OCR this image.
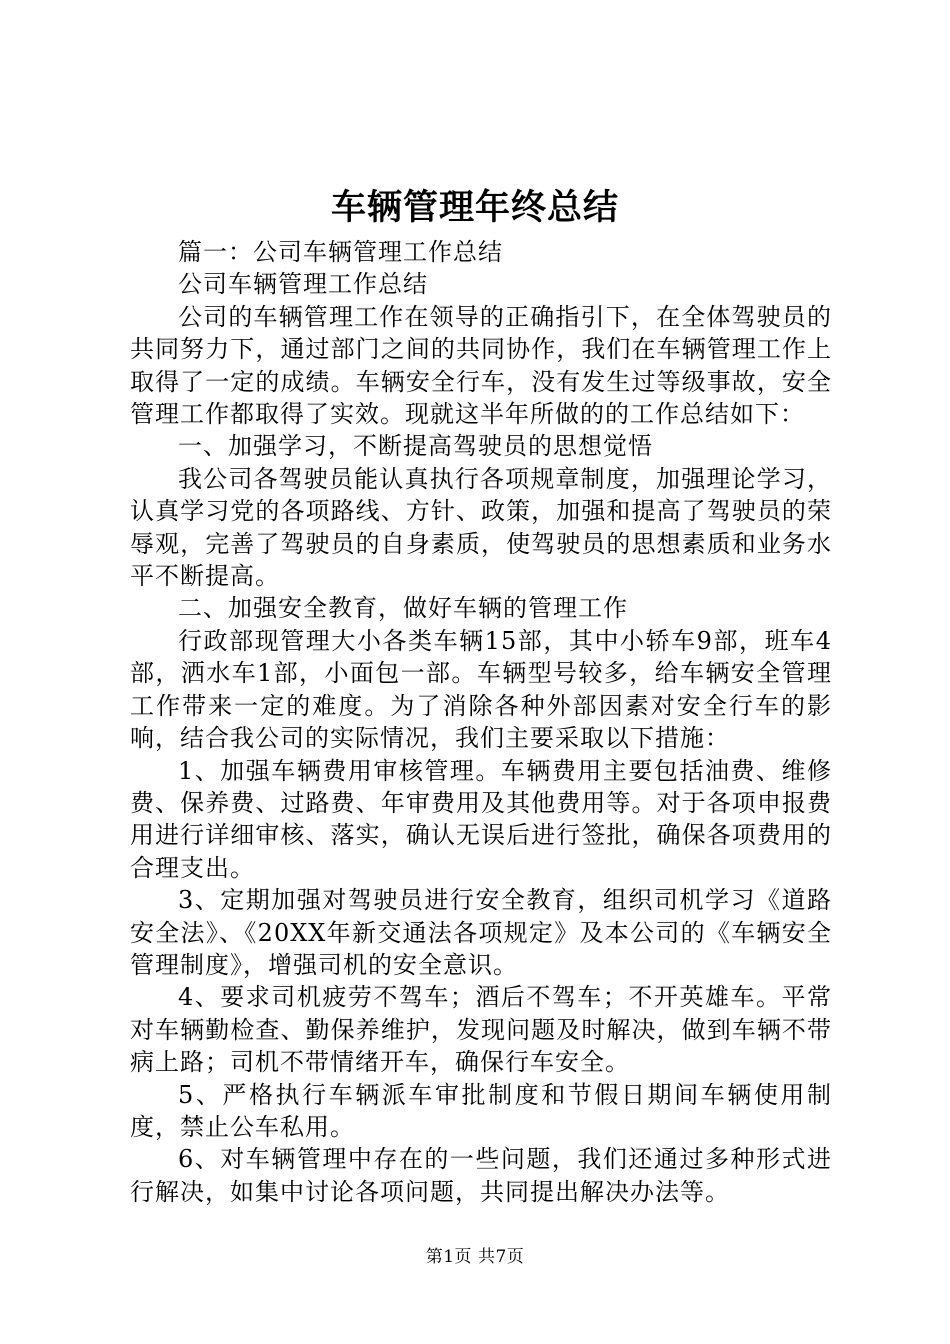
车辆管理年终总结

篇一：公司车辆管理工作总结

公司车辆管理工作总结

公司的车辆管理工作在领导的正确指引下，在全体驾驶员的共同努力下，通过部门之间的共同协作，我们在车辆管理工作上取得了一定的成绩。车辆安全行车，没有发生过等级事故，安全管理工作都取得了实效。现就这半年所做的的工作总结如下：

一、加强学习，不断提高驾驶员的思想觉悟

我公司各驾驶员能认真执行各项规章制度，加强理论学习，认真学习党的各项路线、方针、政策，加强和提高了驾驶员的荣辱观，完善了驾驶员的自身素质，使驾驶员的思想素质和业务水平不断提高。

二、加强安全教育，做好车辆的管理工作

行政部现管理大小各类车辆15部，其中小轿车9部，班车4部，洒水车1部，小面包一部。车辆型号较多，给车辆安全管理工作带来一定的难度。为了消除各种外部因素对安全行车的影响，结合我公司的实际情况，我们主要采取以下措施：

1、加强车辆费用审核管理。车辆费用主要包括油费、维修费、保养费、过路费、年审费用及其他费用等。对于各项申报费用进行详细审核、落实，确认无误后进行签批，确保各项费用的合理支出。

3、定期加强对驾驶员进行安全教育，组织司机学习《道路安全法》、《20XX年新交通法各项规定》及本公司的《车辆安全管理制度》，增强司机的安全意识。

4、要求司机疲劳不驾车；酒后不驾车；不开英雄车。平常对车辆勤检查、勤保养维护，发现问题及时解决，做到车辆不带病上路；司机不带情绪开车，确保行车安全。

5、严格执行车辆派车审批制度和节假日期间车辆使用制度，禁止公车私用。

6、对车辆管理中存在的一些问题，我们还通过多种形式进行解决，如集中讨论各项问题，共同提出解决办法等。

第1页 共7页
